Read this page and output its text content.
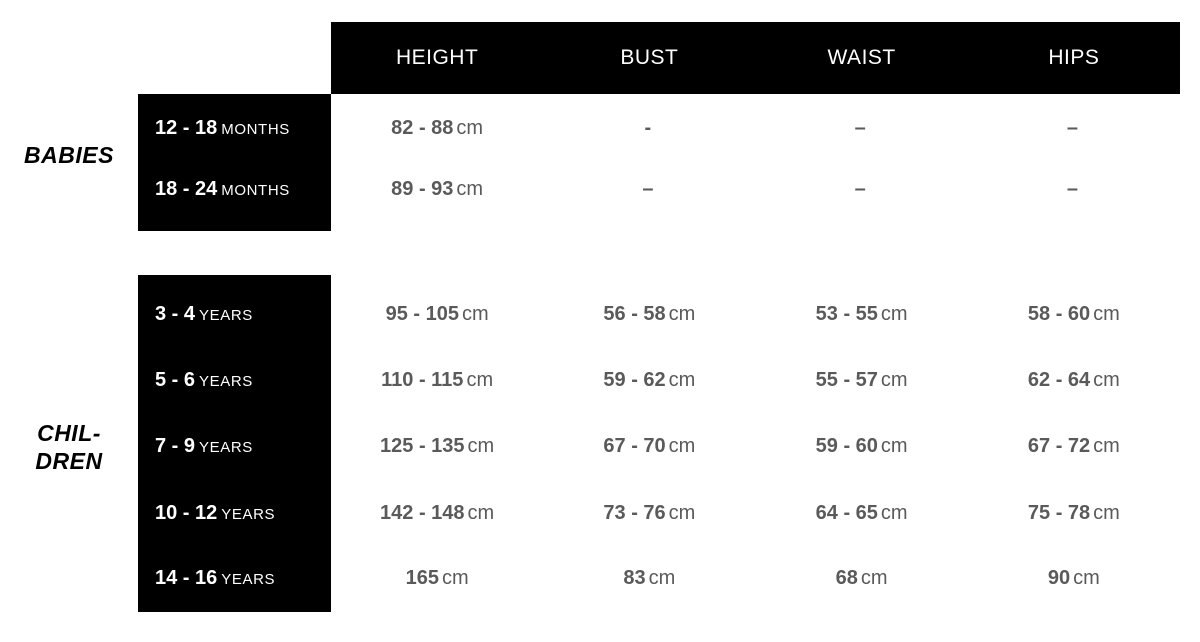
HEIGHT	BUST	WAIST	HIPS
BABIES
CHIL-
DREN
12 - 18 MONTHS	82 - 88 cm	-	–	–
18 - 24 MONTHS	89 - 93 cm	–	–	–
3 - 4 YEARS	95 - 105 cm	56 - 58 cm	53 - 55 cm	58 - 60 cm
5 - 6 YEARS	110 - 115 cm	59 - 62 cm	55 - 57 cm	62 - 64 cm
7 - 9 YEARS	125 - 135 cm	67 - 70 cm	59 - 60 cm	67 - 72 cm
10 - 12 YEARS	142 - 148 cm	73 - 76 cm	64 - 65 cm	75 - 78 cm
14 - 16 YEARS	165 cm	83 cm	68 cm	90 cm
